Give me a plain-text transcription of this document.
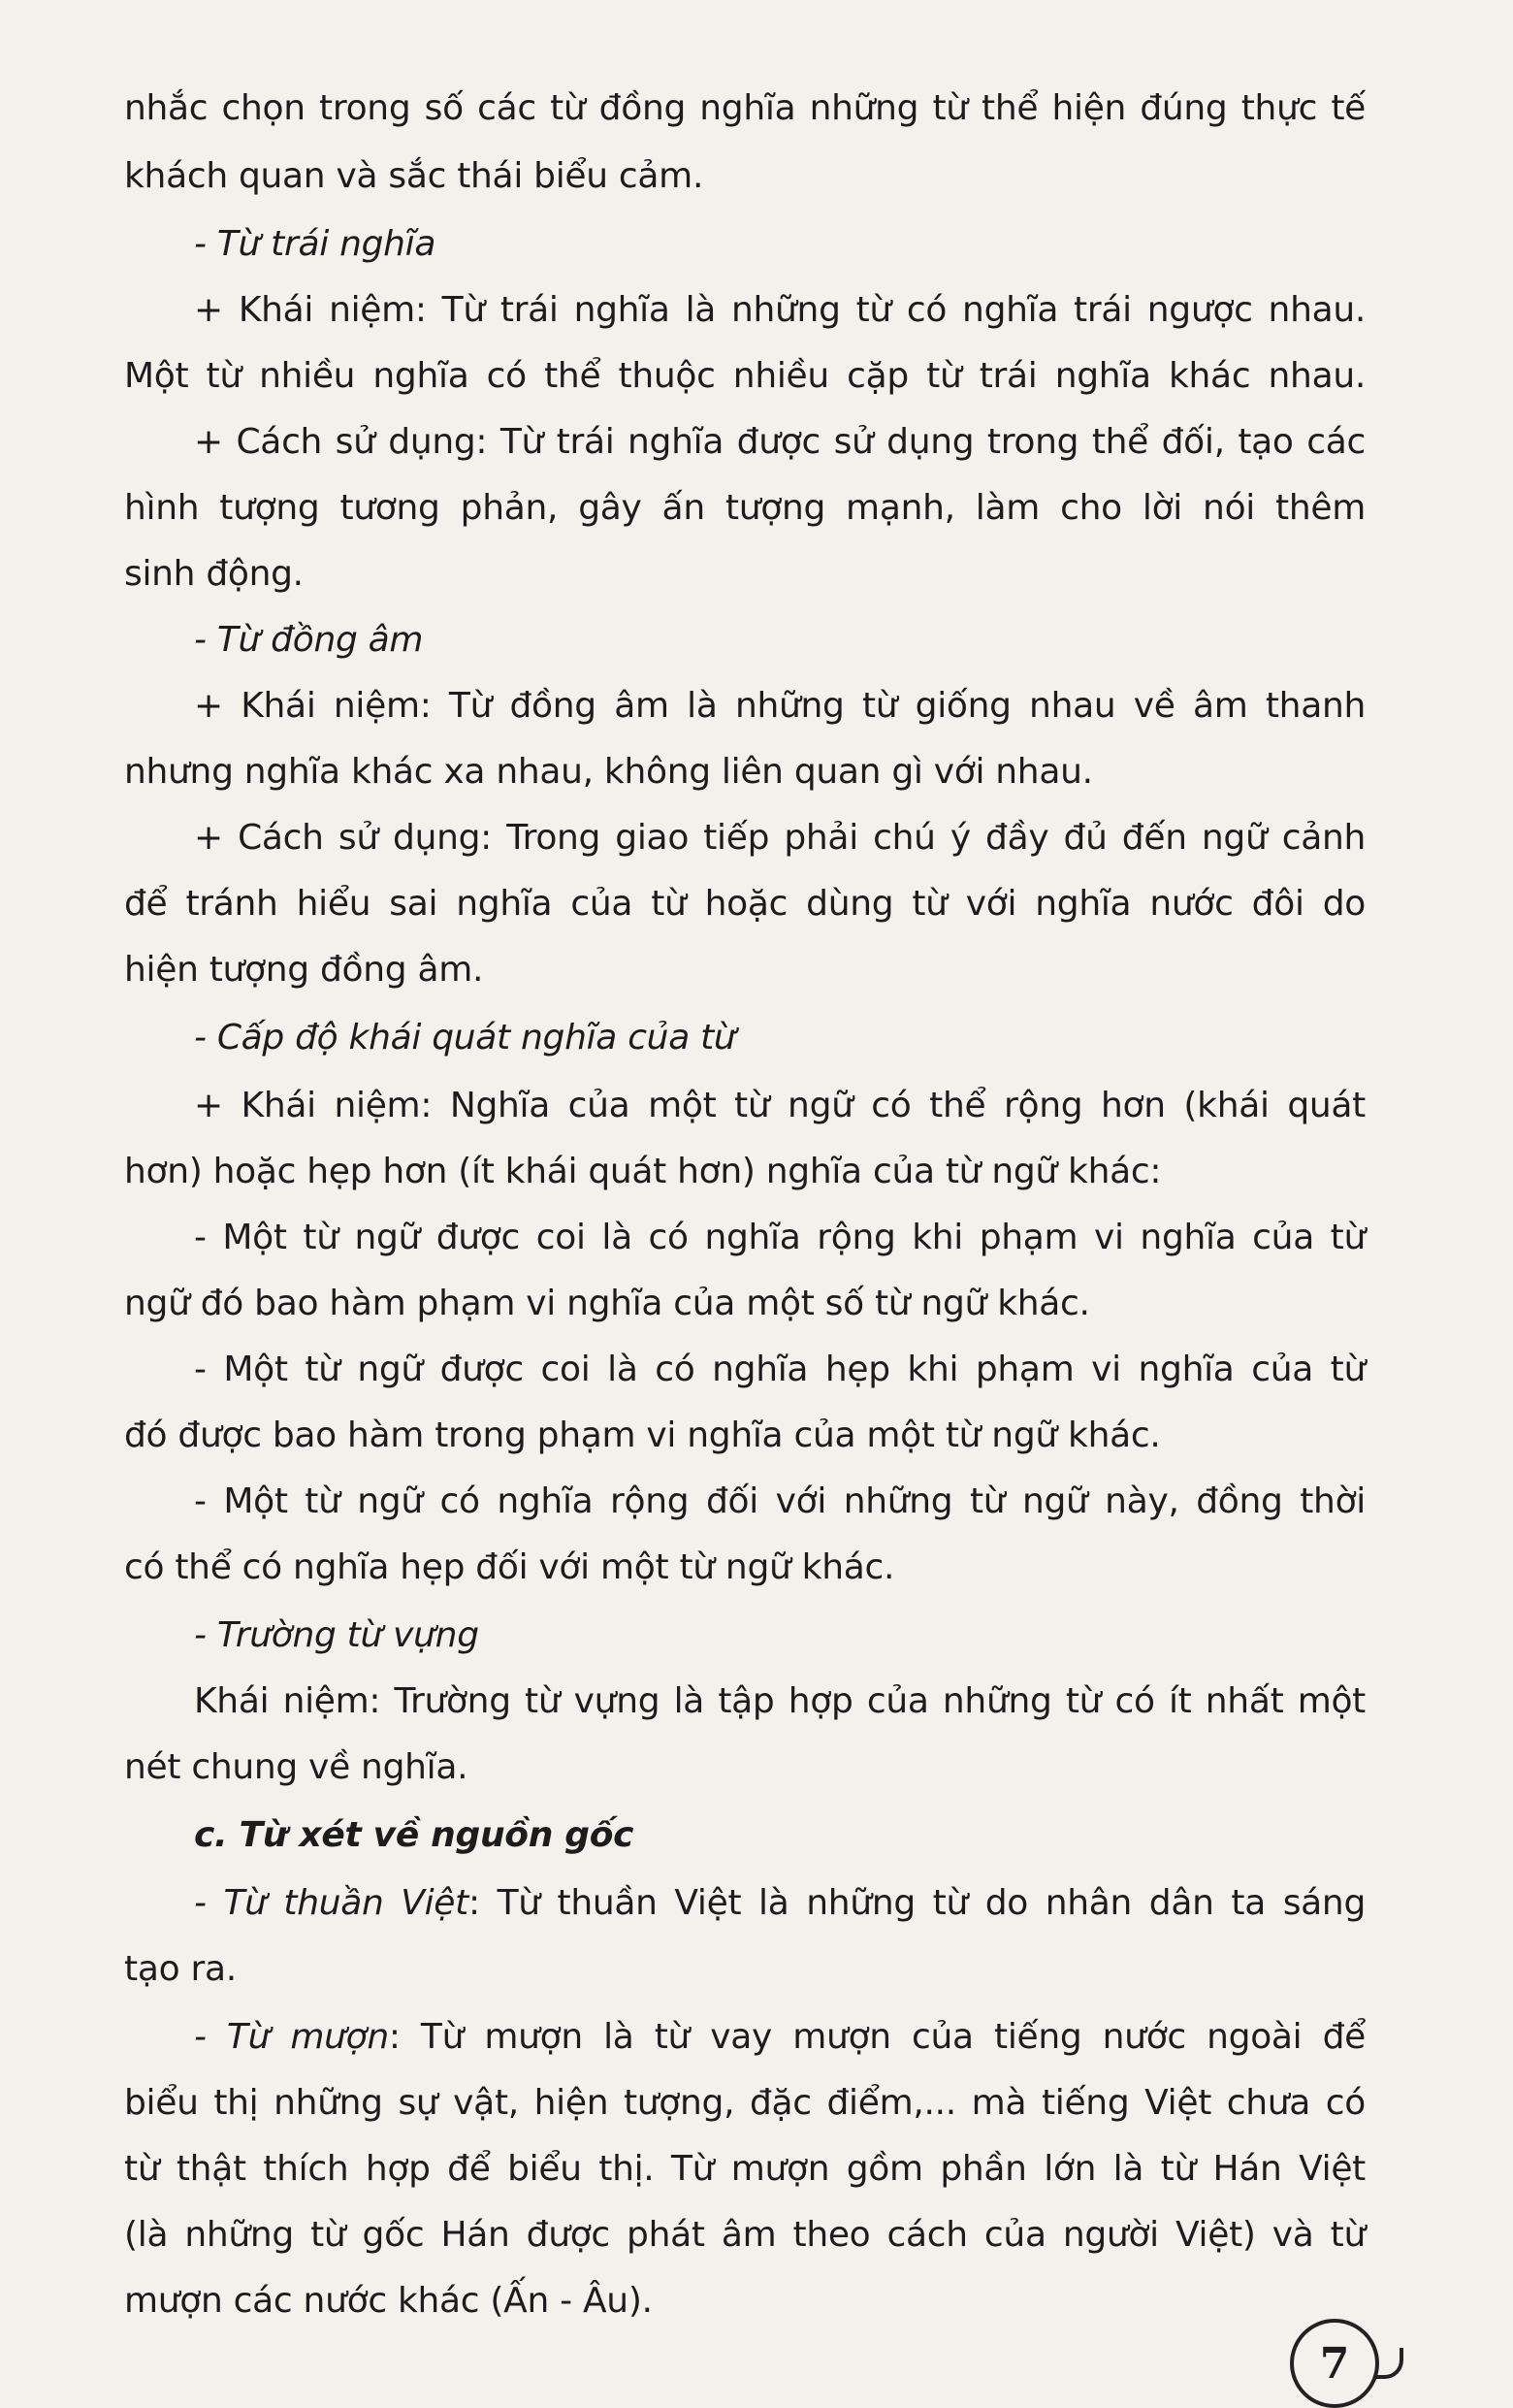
nhắc chọn trong số các từ đồng nghĩa những từ thể hiện đúng thực tế
khách quan và sắc thái biểu cảm.
- Từ trái nghĩa
+ Khái niệm: Từ trái nghĩa là những từ có nghĩa trái ngược nhau.
Một từ nhiều nghĩa có thể thuộc nhiều cặp từ trái nghĩa khác nhau.
+ Cách sử dụng: Từ trái nghĩa được sử dụng trong thể đối, tạo các
hình tượng tương phản, gây ấn tượng mạnh, làm cho lời nói thêm
sinh động.
- Từ đồng âm
+ Khái niệm: Từ đồng âm là những từ giống nhau về âm thanh
nhưng nghĩa khác xa nhau, không liên quan gì với nhau.
+ Cách sử dụng: Trong giao tiếp phải chú ý đầy đủ đến ngữ cảnh
để tránh hiểu sai nghĩa của từ hoặc dùng từ với nghĩa nước đôi do
hiện tượng đồng âm.
- Cấp độ khái quát nghĩa của từ
+ Khái niệm: Nghĩa của một từ ngữ có thể rộng hơn (khái quát
hơn) hoặc hẹp hơn (ít khái quát hơn) nghĩa của từ ngữ khác:
- Một từ ngữ được coi là có nghĩa rộng khi phạm vi nghĩa của từ
ngữ đó bao hàm phạm vi nghĩa của một số từ ngữ khác.
- Một từ ngữ được coi là có nghĩa hẹp khi phạm vi nghĩa của từ
đó được bao hàm trong phạm vi nghĩa của một từ ngữ khác.
- Một từ ngữ có nghĩa rộng đối với những từ ngữ này, đồng thời
có thể có nghĩa hẹp đối với một từ ngữ khác.
- Trường từ vựng
Khái niệm: Trường từ vựng là tập hợp của những từ có ít nhất một
nét chung về nghĩa.
c. Từ xét về nguồn gốc
- Từ thuần Việt: Từ thuần Việt là những từ do nhân dân ta sáng
tạo ra.
- Từ mượn: Từ mượn là từ vay mượn của tiếng nước ngoài để
biểu thị những sự vật, hiện tượng, đặc điểm,... mà tiếng Việt chưa có
từ thật thích hợp để biểu thị. Từ mượn gồm phần lớn là từ Hán Việt
(là những từ gốc Hán được phát âm theo cách của người Việt) và từ
mượn các nước khác (Ấn - Âu).
7
